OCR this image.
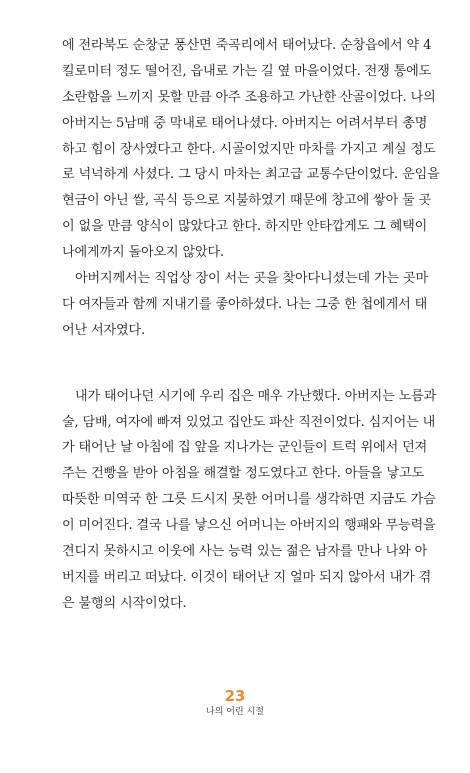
에 전라북도 순창군 풍산면 죽곡리에서 태어났다. 순창읍에서 약 4
킬로미터 정도 떨어진, 읍내로 가는 길 옆 마을이었다. 전쟁 통에도
소란함을 느끼지 못할 만큼 아주 조용하고 가난한 산골이었다. 나의
아버지는 5남매 중 막내로 태어나셨다. 아버지는 어려서부터 총명
하고 힘이 장사였다고 한다. 시골이었지만 마차를 가지고 계실 정도
로 넉넉하게 사셨다. 그 당시 마차는 최고급 교통수단이었다. 운임을
현금이 아닌 쌀, 곡식 등으로 지불하였기 때문에 창고에 쌓아 둘 곳
이 없을 만큼 양식이 많았다고 한다. 하지만 안타깝게도 그 혜택이
나에게까지 돌아오지 않았다.
아버지께서는 직업상 장이 서는 곳을 찾아다니셨는데 가는 곳마
다 여자들과 함께 지내기를 좋아하셨다. 나는 그중 한 첩에게서 태
어난 서자였다.
내가 태어나던 시기에 우리 집은 매우 가난했다. 아버지는 노름과
술, 담배, 여자에 빠져 있었고 집안도 파산 직전이었다. 심지어는 내
가 태어난 날 아침에 집 앞을 지나가는 군인들이 트럭 위에서 던져
주는 건빵을 받아 아침을 해결할 정도였다고 한다. 아들을 낳고도
따뜻한 미역국 한 그릇 드시지 못한 어머니를 생각하면 지금도 가슴
이 미어진다. 결국 나를 낳으신 어머니는 아버지의 행패와 무능력을
견디지 못하시고 이웃에 사는 능력 있는 젊은 남자를 만나 나와 아
버지를 버리고 떠났다. 이것이 태어난 지 얼마 되지 않아서 내가 겪
은 불행의 시작이었다.
23
나의 어린 시절
